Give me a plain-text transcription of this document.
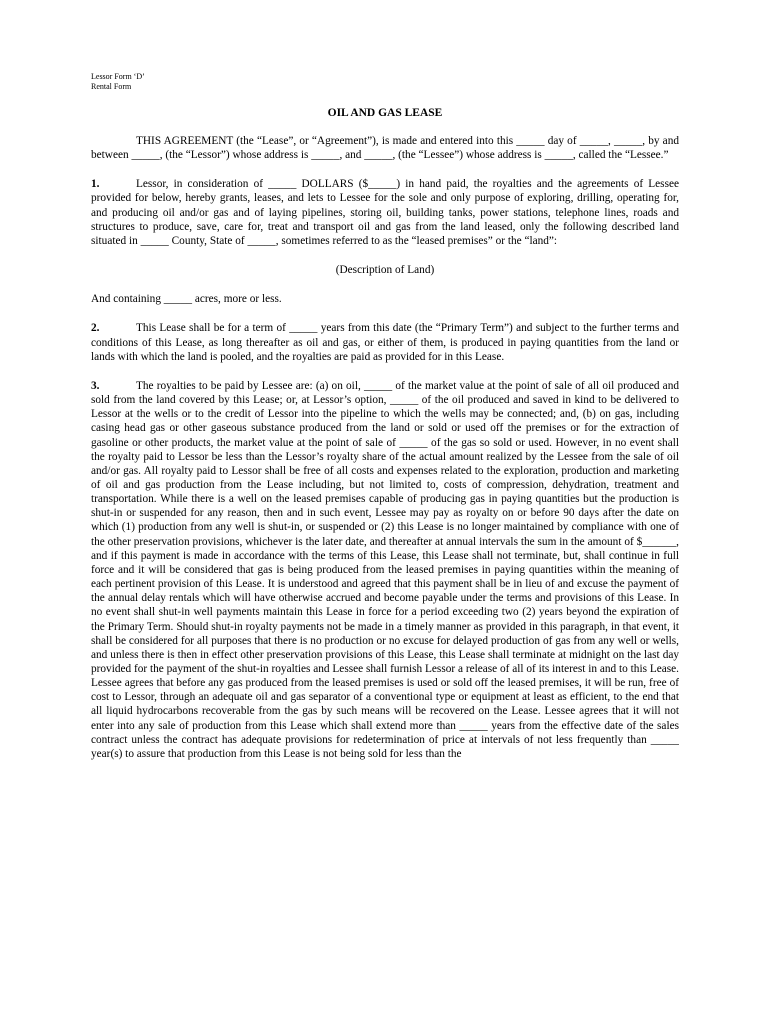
Lessor Form ‘D’
Rental Form
OIL AND GAS LEASE

THIS AGREEMENT (the “Lease”, or “Agreement”), is made and entered into this _____ day of _____, _____, by and between _____, (the “Lessor”) whose address is _____, and _____, (the “Lessee”) whose address is _____, called the “Lessee.”

1.	Lessor, in consideration of _____ DOLLARS ($_____) in hand paid, the royalties and the agreements of Lessee provided for below, hereby grants, leases, and lets to Lessee for the sole and only purpose of exploring, drilling, operating for, and producing oil and/or gas and of laying pipelines, storing oil, building tanks, power stations, telephone lines, roads and structures to produce, save, care for, treat and transport oil and gas from the land leased, only the following described land situated in _____ County, State of _____, sometimes referred to as the “leased premises” or the “land”:

(Description of Land)

And containing _____ acres, more or less.

2.	This Lease shall be for a term of _____ years from this date (the “Primary Term”) and subject to the further terms and conditions of this Lease, as long thereafter as oil and gas, or either of them, is produced in paying quantities from the land or lands with which the land is pooled, and the royalties are paid as provided for in this Lease.

3.	The royalties to be paid by Lessee are: (a) on oil, _____ of the market value at the point of sale of all oil produced and sold from the land covered by this Lease; or, at Lessor’s option, _____ of the oil produced and saved in kind to be delivered to Lessor at the wells or to the credit of Lessor into the pipeline to which the wells may be connected; and, (b) on gas, including casing head gas or other gaseous substance produced from the land or sold or used off the premises or for the extraction of gasoline or other products, the market value at the point of sale of _____ of the gas so sold or used. However, in no event shall the royalty paid to Lessor be less than the Lessor’s royalty share of the actual amount realized by the Lessee from the sale of oil and/or gas. All royalty paid to Lessor shall be free of all costs and expenses related to the exploration, production and marketing of oil and gas production from the Lease including, but not limited to, costs of compression, dehydration, treatment and transportation. While there is a well on the leased premises capable of producing gas in paying quantities but the production is shut-in or suspended for any reason, then and in such event, Lessee may pay as royalty on or before 90 days after the date on which (1) production from any well is shut-in, or suspended or (2) this Lease is no longer maintained by compliance with one of the other preservation provisions, whichever is the later date, and thereafter at annual intervals the sum in the amount of $______, and if this payment is made in accordance with the terms of this Lease, this Lease shall not terminate, but, shall continue in full force and it will be considered that gas is being produced from the leased premises in paying quantities within the meaning of each pertinent provision of this Lease. It is understood and agreed that this payment shall be in lieu of and excuse the payment of the annual delay rentals which will have otherwise accrued and become payable under the terms and provisions of this Lease. In no event shall shut-in well payments maintain this Lease in force for a period exceeding two (2) years beyond the expiration of the Primary Term. Should shut-in royalty payments not be made in a timely manner as provided in this paragraph, in that event, it shall be considered for all purposes that there is no production or no excuse for delayed production of gas from any well or wells, and unless there is then in effect other preservation provisions of this Lease, this Lease shall terminate at midnight on the last day provided for the payment of the shut-in royalties and Lessee shall furnish Lessor a release of all of its interest in and to this Lease. Lessee agrees that before any gas produced from the leased premises is used or sold off the leased premises, it will be run, free of cost to Lessor, through an adequate oil and gas separator of a conventional type or equipment at least as efficient, to the end that all liquid hydrocarbons recoverable from the gas by such means will be recovered on the Lease. Lessee agrees that it will not enter into any sale of production from this Lease which shall extend more than _____ years from the effective date of the sales contract unless the contract has adequate provisions for redetermination of price at intervals of not less frequently than _____ year(s) to assure that production from this Lease is not being sold for less than the
